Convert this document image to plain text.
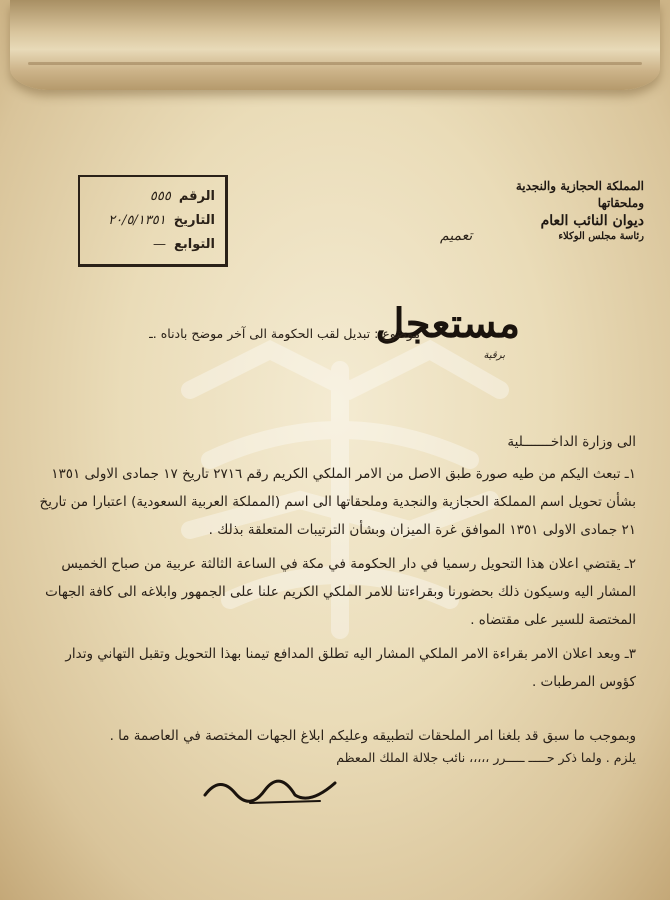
الرقم
٥٥٥
التاريخ
٢٠/٥/١٣٥١
التوابع
—
المملكة الحجازية والنجدية وملحقاتها
ديوان النائب العام
رئاسة مجلس الوكلاء
تعميم
مستعجل
برقية
موضوع : تبديل لقب الحكومة الى آخر موضح بادناه .ـ

الى وزارة الداخـــــــلية

١ـ تبعث اليكم من طيه صورة طبق الاصل من الامر الملكي الكريم رقم ٢٧١٦ تاريخ ١٧ جمادى الاولى ١٣٥١ بشأن تحويل اسم المملكة الحجازية والنجدية وملحقاتها الى اسم (المملكة العربية السعودية) اعتبارا من تاريخ ٢١ جمادى الاولى ١٣٥١ الموافق غرة الميزان وبشأن الترتيبات المتعلقة بذلك .

٢ـ يقتضي اعلان هذا التحويل رسميا في دار الحكومة في مكة في الساعة الثالثة عربية من صباح الخميس المشار اليه وسيكون ذلك بحضورنا وبقراءتنا للامر الملكي الكريم علنا على الجمهور وابلاغه الى كافة الجهات المختصة للسير على مقتضاه .

٣ـ وبعد اعلان الامر بقراءة الامر الملكي المشار اليه تطلق المدافع تيمنا بهذا التحويل وتقبل التهاني وتدار كؤوس المرطبات .

وبموجب ما سبق قد بلغنا امر الملحقات لتطبيقه وعليكم ابلاغ الجهات المختصة في العاصمة ما .
يلزم . ولما ذكر حـــــ ـــــرر ،،،،، نائب جلالة الملك المعظم
